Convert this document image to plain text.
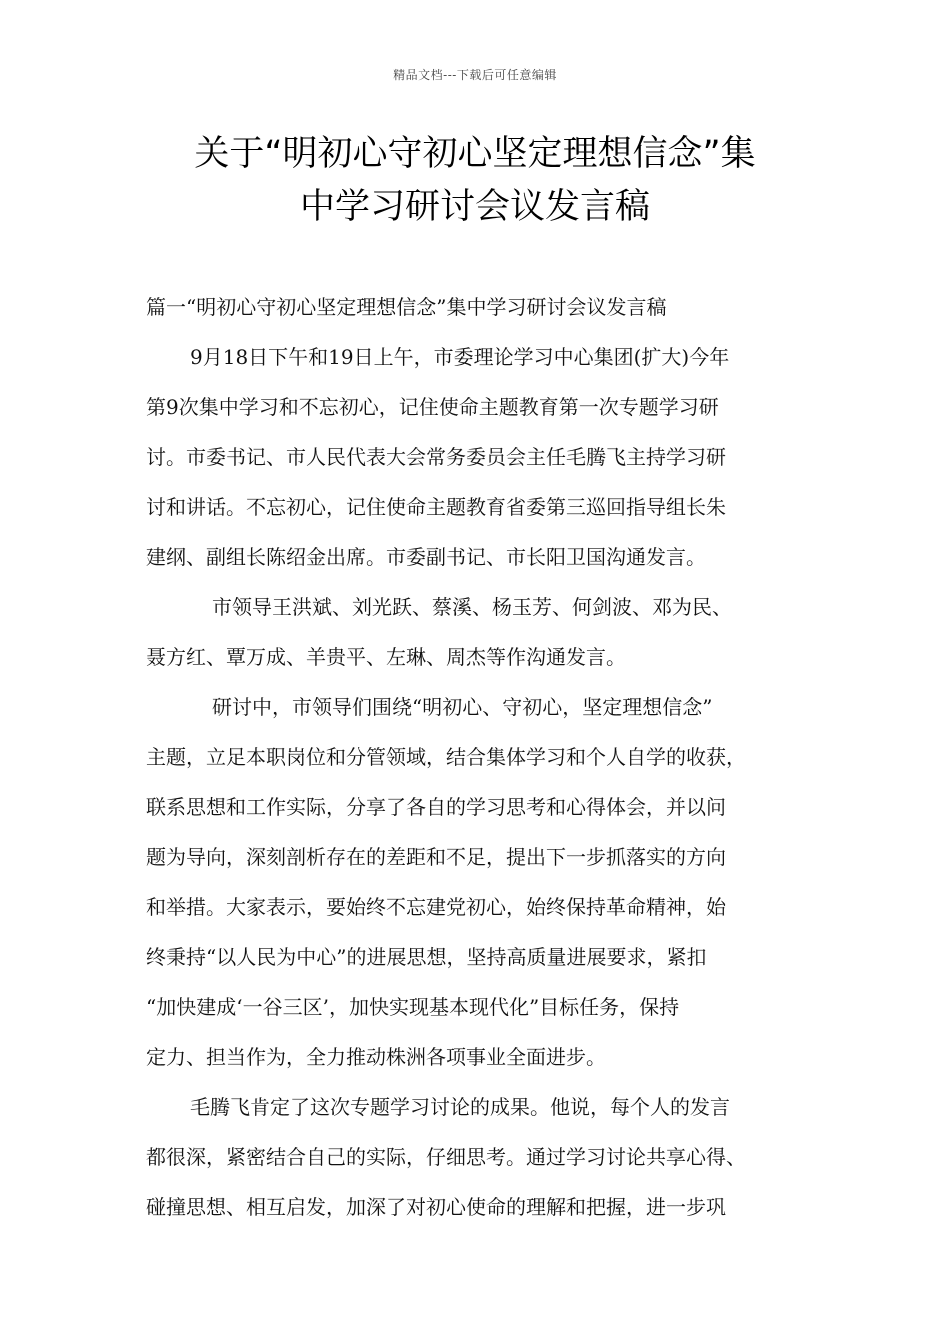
精品文档---下载后可任意编辑
关于“明初心守初心坚定理想信念”集
中学习研讨会议发言稿
篇一“明初心守初心坚定理想信念”集中学习研讨会议发言稿
9月18日下午和19日上午，市委理论学习中心集团(扩大)今年
第9次集中学习和不忘初心，记住使命主题教育第一次专题学习研
讨。市委书记、市人民代表大会常务委员会主任毛腾飞主持学习研
讨和讲话。不忘初心，记住使命主题教育省委第三巡回指导组长朱
建纲、副组长陈绍金出席。市委副书记、市长阳卫国沟通发言。
市领导王洪斌、刘光跃、蔡溪、杨玉芳、何剑波、邓为民、
聂方红、覃万成、羊贵平、左琳、周杰等作沟通发言。
研讨中，市领导们围绕“明初心、守初心，坚定理想信念”
主题，立足本职岗位和分管领域，结合集体学习和个人自学的收获，
联系思想和工作实际，分享了各自的学习思考和心得体会，并以问
题为导向，深刻剖析存在的差距和不足，提出下一步抓落实的方向
和举措。大家表示，要始终不忘建党初心，始终保持革命精神，始
终秉持“以人民为中心”的进展思想，坚持高质量进展要求，紧扣
“加快建成‘一谷三区’，加快实现基本现代化”目标任务，保持
定力、担当作为，全力推动株洲各项事业全面进步。
毛腾飞肯定了这次专题学习讨论的成果。他说，每个人的发言
都很深，紧密结合自己的实际，仔细思考。通过学习讨论共享心得、
碰撞思想、相互启发，加深了对初心使命的理解和把握，进一步巩
